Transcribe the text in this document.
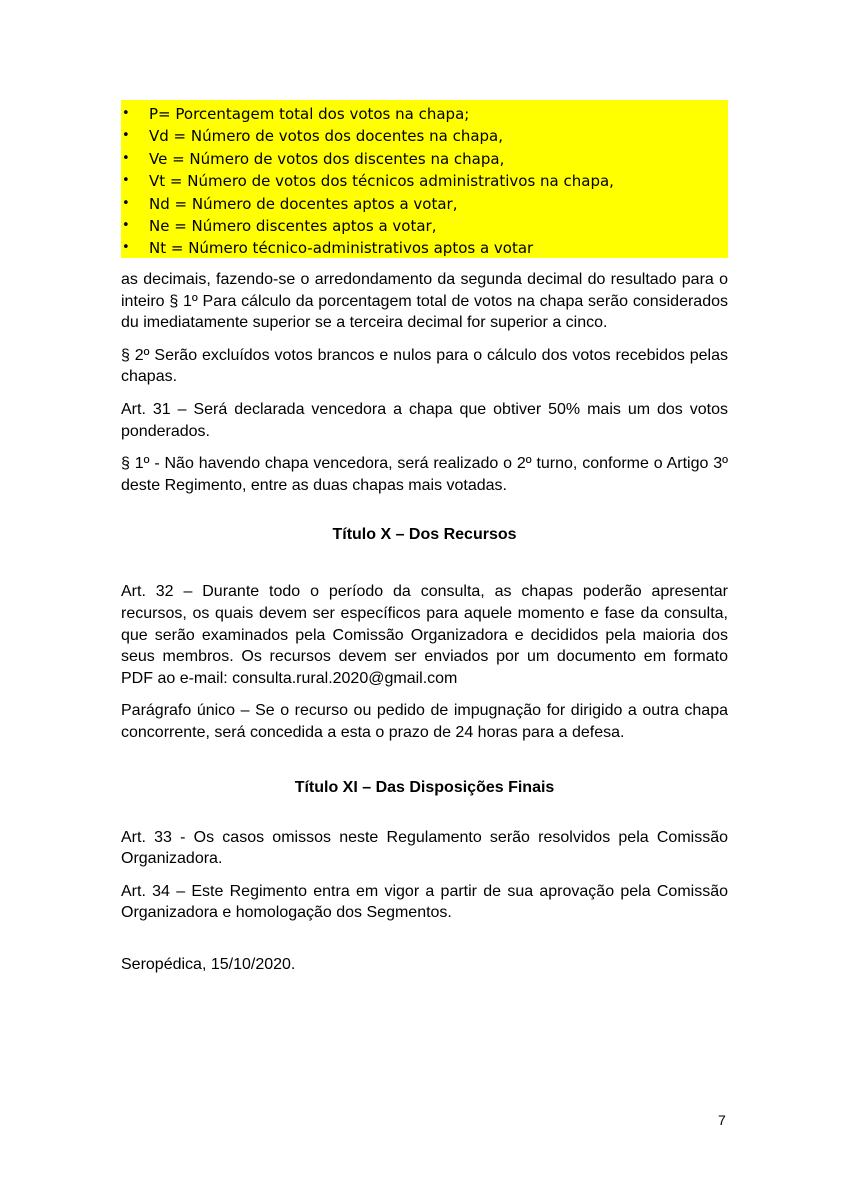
•	P= Porcentagem total dos votos na chapa;
•	Vd = Número de votos dos docentes na chapa,
•	Ve = Número de votos dos discentes na chapa,
•	Vt = Número de votos dos técnicos administrativos na chapa,
•	Nd = Número de docentes aptos a votar,
•	Ne = Número discentes aptos a votar,
•	Nt = Número técnico-administrativos aptos a votar

as decimais, fazendo-se o arredondamento da segunda decimal do resultado para o inteiro § 1º Para cálculo da porcentagem total de votos na chapa serão considerados du imediatamente superior se a terceira decimal for superior a cinco.

§ 2º Serão excluídos votos brancos e nulos para o cálculo dos votos recebidos pelas chapas.

Art. 31 – Será declarada vencedora a chapa que obtiver 50% mais um dos votos ponderados.

§ 1º - Não havendo chapa vencedora, será realizado o 2º turno, conforme o Artigo 3º deste Regimento, entre as duas chapas mais votadas.

Título X – Dos Recursos

Art. 32 – Durante todo o período da consulta, as chapas poderão apresentar recursos, os quais devem ser específicos para aquele momento e fase da consulta, que serão examinados pela Comissão Organizadora e decididos pela maioria dos seus membros. Os recursos devem ser enviados por um documento em formato PDF ao e-mail: consulta.rural.2020@gmail.com

Parágrafo único – Se o recurso ou pedido de impugnação for dirigido a outra chapa concorrente, será concedida a esta o prazo de 24 horas para a defesa.

Título XI – Das Disposições Finais

Art. 33 - Os casos omissos neste Regulamento serão resolvidos pela Comissão Organizadora.

Art. 34 – Este Regimento entra em vigor a partir de sua aprovação pela Comissão Organizadora e homologação dos Segmentos.

Seropédica, 15/10/2020.

7
